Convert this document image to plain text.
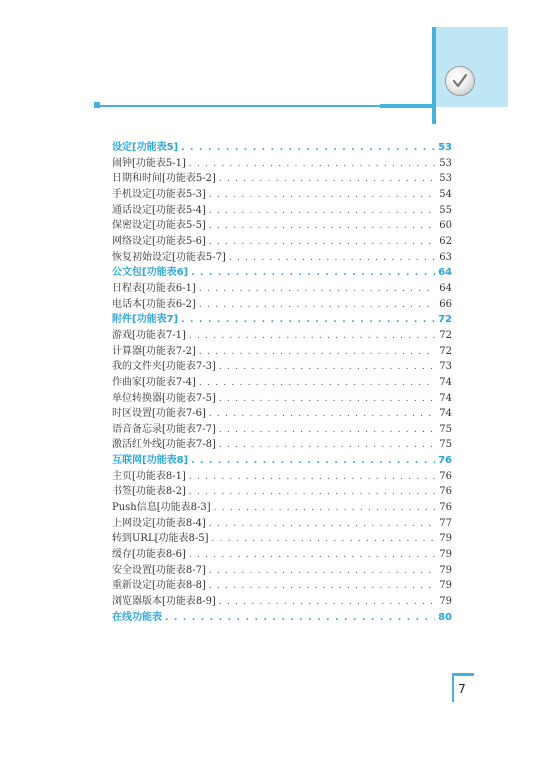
设定[功能表5] . . .	53
闹钟[功能表5-1] . . .	53
日期和时间[功能表5-2] . . .	53
手机设定[功能表5-3] . . .	54
通话设定[功能表5-4] . . .	55
保密设定[功能表5-5] . . .	60
网络设定[功能表5-6] . . .	62
恢复初始设定[功能表5-7] . . .	63
公文包[功能表6] . . .	64
日程表[功能表6-1] . . .	64
电话本[功能表6-2] . . .	66
附件[功能表7] . . .	72
游戏[功能表7-1] . . .	72
计算器[功能表7-2] . . .	72
我的文件夹[功能表7-3] . . .	73
作曲家[功能表7-4] . . .	74
单位转换器[功能表7-5] . . .	74
时区设置[功能表7-6] . . .	74
语音备忘录[功能表7-7] . . .	75
激活红外线[功能表7-8] . . .	75
互联网[功能表8] . . .	76
主页[功能表8-1] . . .	76
书签[功能表8-2] . . .	76
Push信息[功能表8-3] . . .	76
上网设定[功能表8-4] . . .	77
转到URL[功能表8-5] . . .	79
缓存[功能表8-6] . . .	79
安全设置[功能表8-7] . . .	79
重新设定[功能表8-8] . . .	79
浏览器版本[功能表8-9] . . .	79
在线功能表 . . .	80
7
